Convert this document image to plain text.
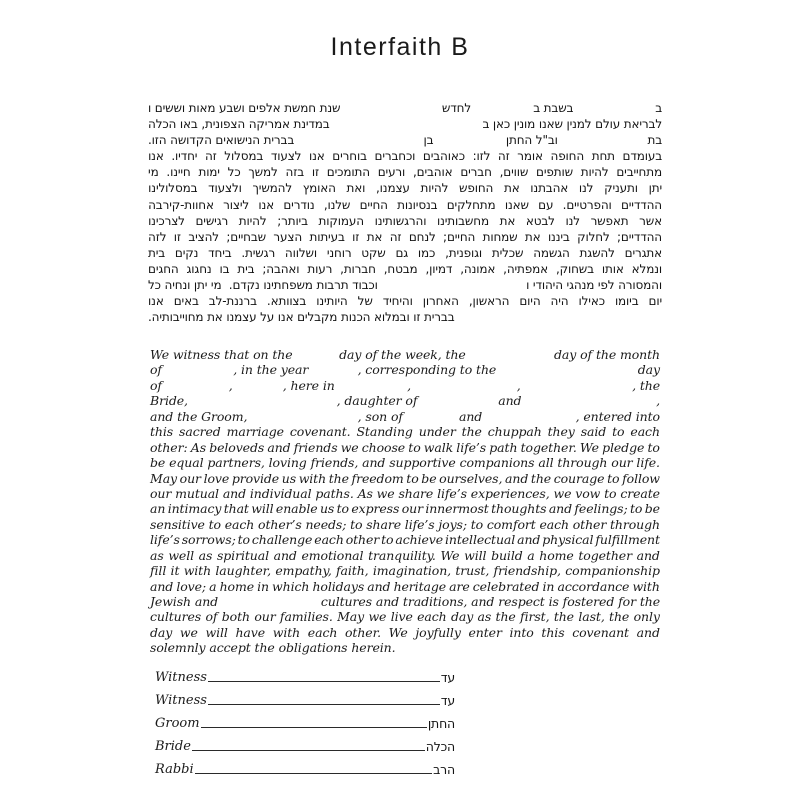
Interfaith B
ב
בשבת ב
לחדש
שנת חמשת אלפים ושבע מאות וששים ו
לבריאת עולם למנין שאנו מונין כאן ב
במדינת אמריקה הצפונית, באו הכלה
בת
וב"ל החתן
בן
בברית הנישואים הקדושה הזו.
בעומדם
תחת
החופה
אומר
זה
לזו:
כאוהבים
וכחברים
בוחרים
אנו
לצעוד
במסלול
זה
יחדיו.
אנו
מתחייבים
להיות
שותפים
שווים,
חברים
אוהבים,
ורעים
התומכים
זו
בזה
למשך
כל
ימות
חיינו.
מי
יתן
ותעניק
לנו
אהבתנו
את
החופש
להיות
עצמנו,
ואת
האומץ
להמשיך
ולצעוד
במסלולינו
ההדדיים
והפרטיים.
עם
שאנו
מתחלקים
בנסיונות
החיים
שלנו,
נודרים
אנו
ליצור
אחוות-קירבה
אשר
תאפשר
לנו
לבטא
את
מחשבותינו
והרגשותינו
העמוקות
ביותר;
להיות
רגישים
לצרכינו
ההדדיים;
לחלוק
ביננו
את
שמחות
החיים;
לנחם
זה
את
זו
בעיתות
הצער
שבחיים;
להציב
זו
לזה
אתגרים
להשגת
הגשמה
שכלית
וגופנית,
כמו
גם
שקט
רוחני
ושלווה
רגשית.
ביחד
נקים
בית
ונמלא
אותו
בשחוק,
אמפתיה,
אמונה,
דמיון,
מבטח,
חברות,
רעות
ואהבה;
בית
בו
נחגוג
החגים
והמסורה לפי מנהגי היהודי ו
וכבוד תרבות משפחתינו נקדם.  מי יתן ונחיה כל
יום
ביומו
כאילו
היה
היום
הראשון,
האחרון
והיחיד
של
היותינו
בצוותא.
ברננת-לב
באים
אנו
בברית זו ובמלוא הכנות מקבלים אנו על עצמנו את מחוייבותיה.
We witness that on the	day of the week, the	day of the month
of	, in the year	, corresponding to the	day
of	,	, here in	,	,	, the
Bride,	, daughter of	and	,
and the Groom,	, son of	and	, entered into
this sacred marriage covenant. Standing under the chuppah they said to each
other: As beloveds and friends we choose to walk life’s path together. We pledge to
be equal partners, loving friends, and supportive companions all through our life.
May our love provide us with the freedom to be ourselves, and the courage to follow
our mutual and individual paths. As we share life’s experiences, we vow to create
an intimacy that will enable us to express our innermost thoughts and feelings; to be
sensitive to each other’s needs; to share life’s joys; to comfort each other through
life’s sorrows; to challenge each other to achieve intellectual and physical fulfillment
as well as spiritual and emotional tranquility. We will build a home together and
fill it with laughter, empathy, faith, imagination, trust, friendship, companionship
and love; a home in which holidays and heritage are celebrated in accordance with
Jewish and	cultures and traditions, and respect is fostered for the
cultures of both our families. May we live each day as the first, the last, the only
day we will have with each other. We joyfully enter into this covenant and
solemnly accept the obligations herein.
Witness	עד
Witness	עד
Groom	החתן
Bride	הכלה
Rabbi	הרב
